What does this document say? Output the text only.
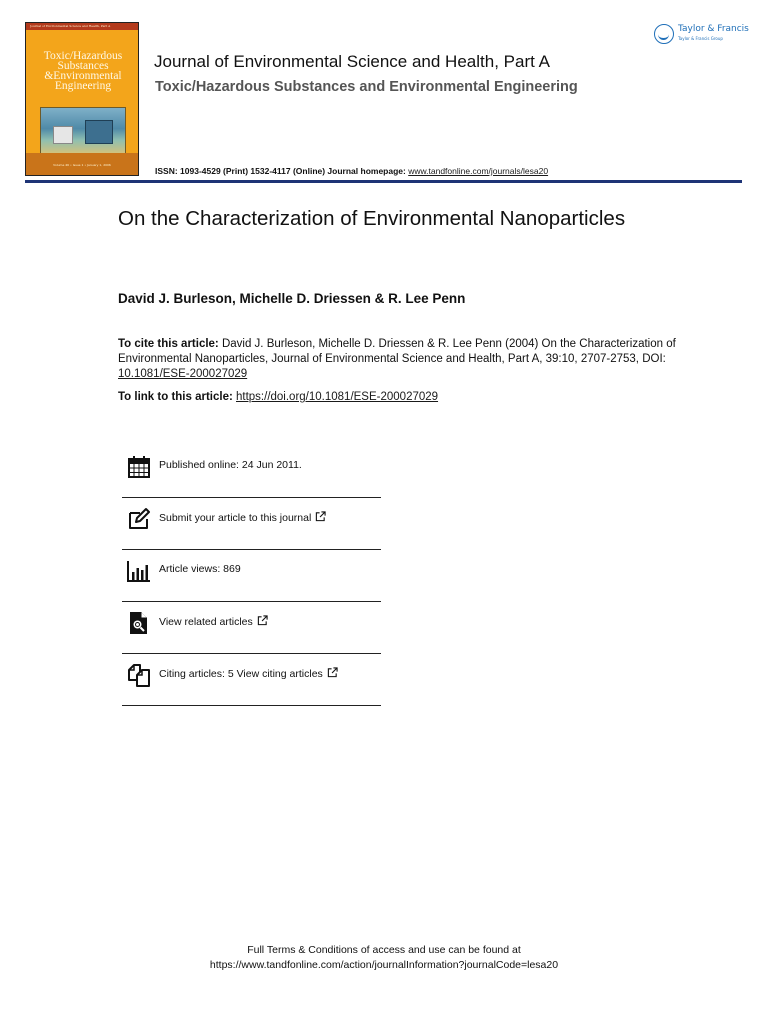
Journal of Environmental Science and Health, Part A
Toxic/Hazardous
Substances
&Environmental
Engineering
Volume 46 • Issue 1 • January 1, 2006
Journal of Environmental Science and Health, Part A
Toxic/Hazardous Substances and Environmental Engineering
Taylor & Francis
Taylor & Francis Group
ISSN: 1093-4529 (Print) 1532-4117 (Online) Journal homepage: www.tandfonline.com/journals/lesa20
On the Characterization of Environmental Nanoparticles

David J. Burleson, Michelle D. Driessen & R. Lee Penn

To cite this article: David J. Burleson, Michelle D. Driessen & R. Lee Penn (2004) On the Characterization of Environmental Nanoparticles, Journal of Environmental Science and Health, Part A, 39:10, 2707-2753, DOI: 10.1081/ESE-200027029
To link to this article: https://doi.org/10.1081/ESE-200027029
Published online: 24 Jun 2011.
Submit your article to this journal
Article views: 869
View related articles
Citing articles: 5 View citing articles
Full Terms & Conditions of access and use can be found at
https://www.tandfonline.com/action/journalInformation?journalCode=lesa20
